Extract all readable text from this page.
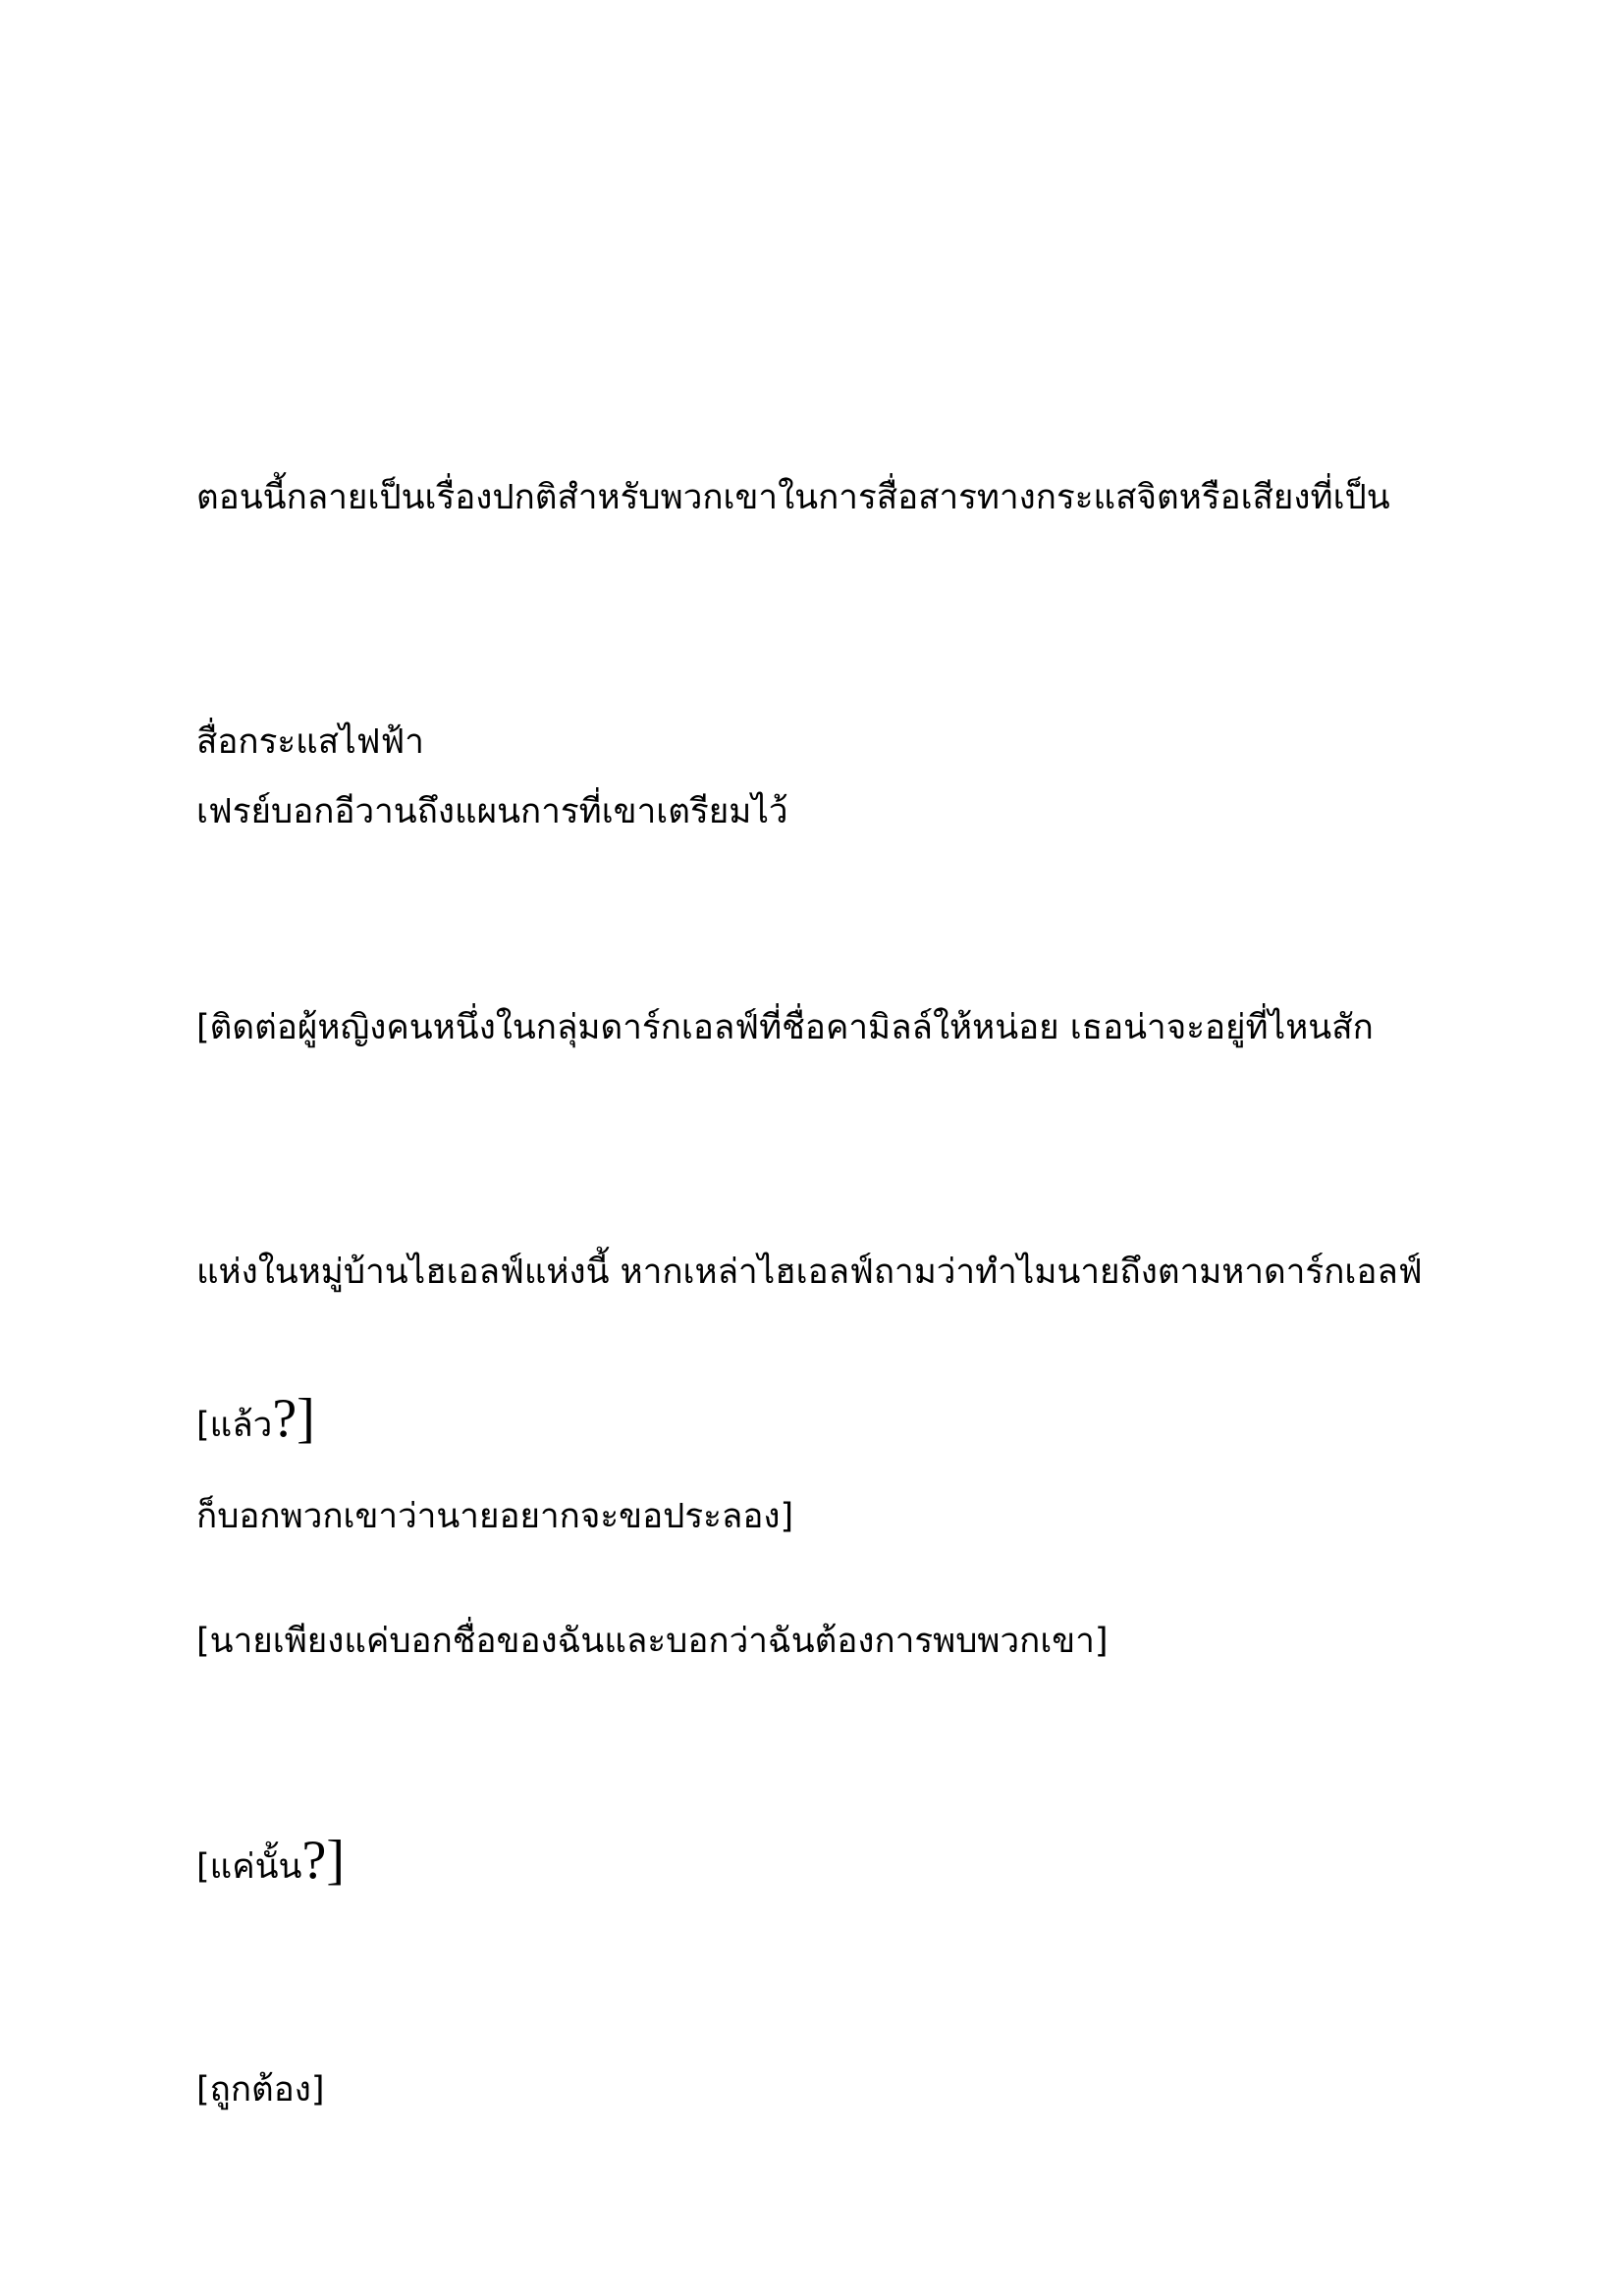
ตอนนี้กลายเป็นเรื่องปกติสำหรับพวกเขาในการสื่อสารทางกระแสจิตหรือเสียงที่เป็น

สื่อกระแสไฟฟ้า

เฟรย์บอกอีวานถึงแผนการที่เขาเตรียมไว้

[ติดต่อผู้หญิงคนหนึ่งในกลุ่มดาร์กเอลฟ์ที่ชื่อคามิลล์ให้หน่อย เธอน่าจะอยู่ที่ไหนสัก

แห่งในหมู่บ้านไฮเอลฟ์แห่งนี้ หากเหล่าไฮเอลฟ์ถามว่าทำไมนายถึงตามหาดาร์กเอลฟ์

ก็บอกพวกเขาว่านายอยากจะขอประลอง]

[แล้ว?]

[นายเพียงแค่บอกชื่อของฉันและบอกว่าฉันต้องการพบพวกเขา]

[แค่นั้น?]

[ถูกต้อง]
